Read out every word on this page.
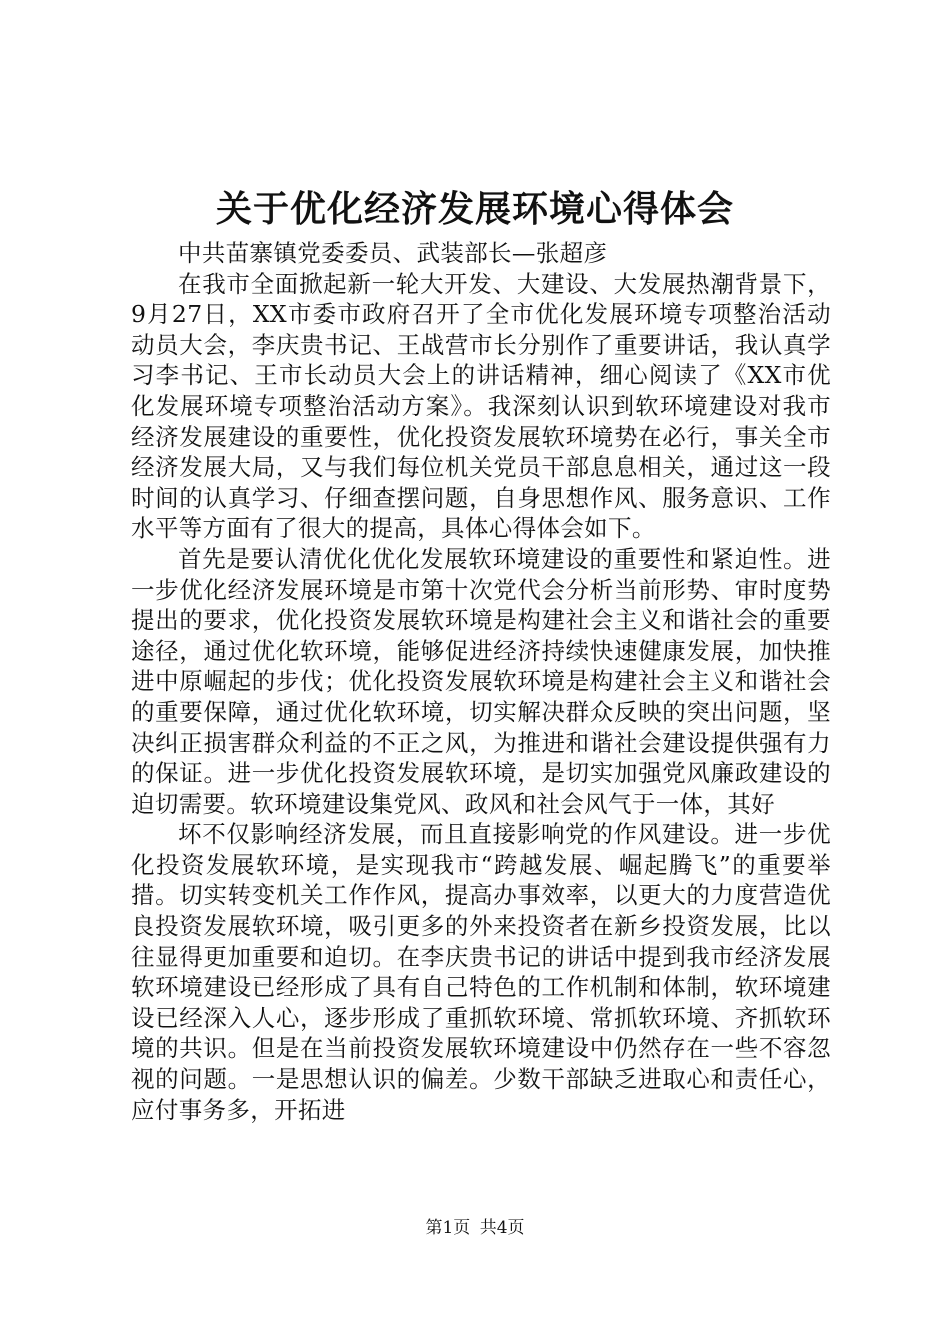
关于优化经济发展环境心得体会

中共苗寨镇党委委员、武装部长—张超彦

在我市全面掀起新一轮大开发、大建设、大发展热潮背景下，9月27日，XX市委市政府召开了全市优化发展环境专项整治活动动员大会，李庆贵书记、王战营市长分别作了重要讲话，我认真学习李书记、王市长动员大会上的讲话精神，细心阅读了《XX市优化发展环境专项整治活动方案》。我深刻认识到软环境建设对我市经济发展建设的重要性，优化投资发展软环境势在必行，事关全市经济发展大局，又与我们每位机关党员干部息息相关，通过这一段时间的认真学习、仔细查摆问题，自身思想作风、服务意识、工作水平等方面有了很大的提高，具体心得体会如下。

首先是要认清优化优化发展软环境建设的重要性和紧迫性。进一步优化经济发展环境是市第十次党代会分析当前形势、审时度势提出的要求，优化投资发展软环境是构建社会主义和谐社会的重要途径，通过优化软环境，能够促进经济持续快速健康发展，加快推进中原崛起的步伐；优化投资发展软环境是构建社会主义和谐社会的重要保障，通过优化软环境，切实解决群众反映的突出问题，坚决纠正损害群众利益的不正之风，为推进和谐社会建设提供强有力的保证。进一步优化投资发展软环境，是切实加强党风廉政建设的迫切需要。软环境建设集党风、政风和社会风气于一体，其好

坏不仅影响经济发展，而且直接影响党的作风建设。进一步优化投资发展软环境，是实现我市“跨越发展、崛起腾飞”的重要举措。切实转变机关工作作风，提高办事效率，以更大的力度营造优良投资发展软环境，吸引更多的外来投资者在新乡投资发展，比以往显得更加重要和迫切。在李庆贵书记的讲话中提到我市经济发展软环境建设已经形成了具有自己特色的工作机制和体制，软环境建设已经深入人心，逐步形成了重抓软环境、常抓软环境、齐抓软环境的共识。但是在当前投资发展软环境建设中仍然存在一些不容忽视的问题。一是思想认识的偏差。少数干部缺乏进取心和责任心，应付事务多，开拓进

第1页 共4页
